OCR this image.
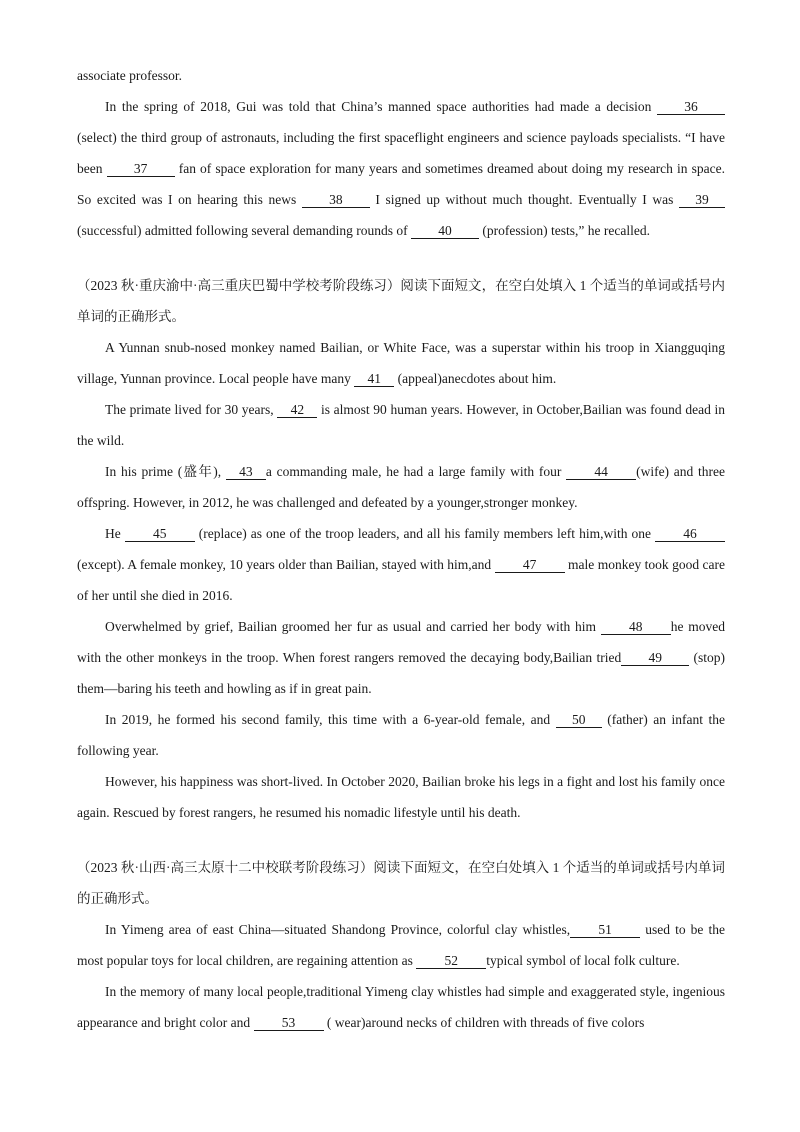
associate professor.

In the spring of 2018, Gui was told that China’s manned space authorities had made a decision 36 (select) the third group of astronauts, including the first spaceflight engineers and science payloads specialists. “I have been 37 fan of space exploration for many years and sometimes dreamed about doing my research in space. So excited was I on hearing this news 38 I signed up without much thought. Eventually I was 39 (successful) admitted following several demanding rounds of 40 (profession) tests,” he recalled.

（2023 秋·重庆渝中·高三重庆巴蜀中学校考阶段练习）阅读下面短文，在空白处填入 1 个适当的单词或括号内单词的正确形式。

A Yunnan snub-nosed monkey named Bailian, or White Face, was a superstar within his troop in Xiangguqing village, Yunnan province. Local people have many 41 (appeal)anecdotes about him.

The primate lived for 30 years, 42 is almost 90 human years. However, in October,Bailian was found dead in the wild.

In his prime (盛年), 43 a commanding male, he had a large family with four 44 (wife) and three offspring. However, in 2012, he was challenged and defeated by a younger,stronger monkey.

He 45 (replace) as one of the troop leaders, and all his family members left him,with one 46 (except). A female monkey, 10 years older than Bailian, stayed with him,and 47 male monkey took good care of her until she died in 2016.

Overwhelmed by grief, Bailian groomed her fur as usual and carried her body with him 48 he moved with the other monkeys in the troop. When forest rangers removed the decaying body,Bailian tried 49 (stop) them—baring his teeth and howling as if in great pain.

In 2019, he formed his second family, this time with a 6-year-old female, and 50 (father) an infant the following year.

However, his happiness was short-lived. In October 2020, Bailian broke his legs in a fight and lost his family once again. Rescued by forest rangers, he resumed his nomadic lifestyle until his death.

（2023 秋·山西·高三太原十二中校联考阶段练习）阅读下面短文，在空白处填入 1 个适当的单词或括号内单词的正确形式。

In Yimeng area of east China—situated Shandong Province, colorful clay whistles, 51 used to be the most popular toys for local children, are regaining attention as 52 typical symbol of local folk culture.

In the memory of many local people,traditional Yimeng clay whistles had simple and exaggerated style, ingenious appearance and bright color and 53 ( wear)around necks of children with threads of five colors
